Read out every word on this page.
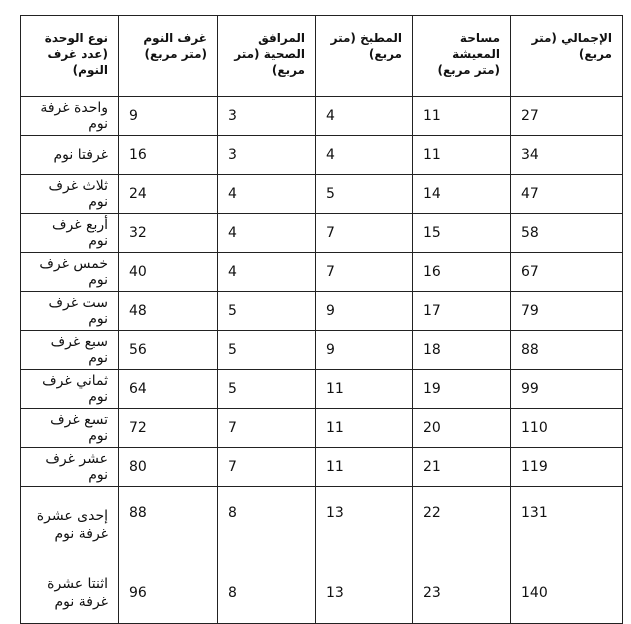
نوع الوحدة (عدد غرف النوم)	غرف النوم (متر مربع)	المرافق الصحية (متر مربع)	المطبخ (متر مربع)	مساحة المعيشة (متر مربع)	الإجمالي (متر مربع)
واحدة غرفة نوم	9	3	4	11	27
غرفتا نوم	16	3	4	11	34
ثلاث غرف نوم	24	4	5	14	47
أربع غرف نوم	32	4	7	15	58
خمس غرف نوم	40	4	7	16	67
ست غرف نوم	48	5	9	17	79
سبع غرف نوم	56	5	9	18	88
ثماني غرف نوم	64	5	11	19	99
تسع غرف نوم	72	7	11	20	110
عشر غرف نوم	80	7	11	21	119
إحدى عشرة غرفة نوم	88	8	13	22	131
اثنتا عشرة غرفة نوم	96	8	13	23	140
